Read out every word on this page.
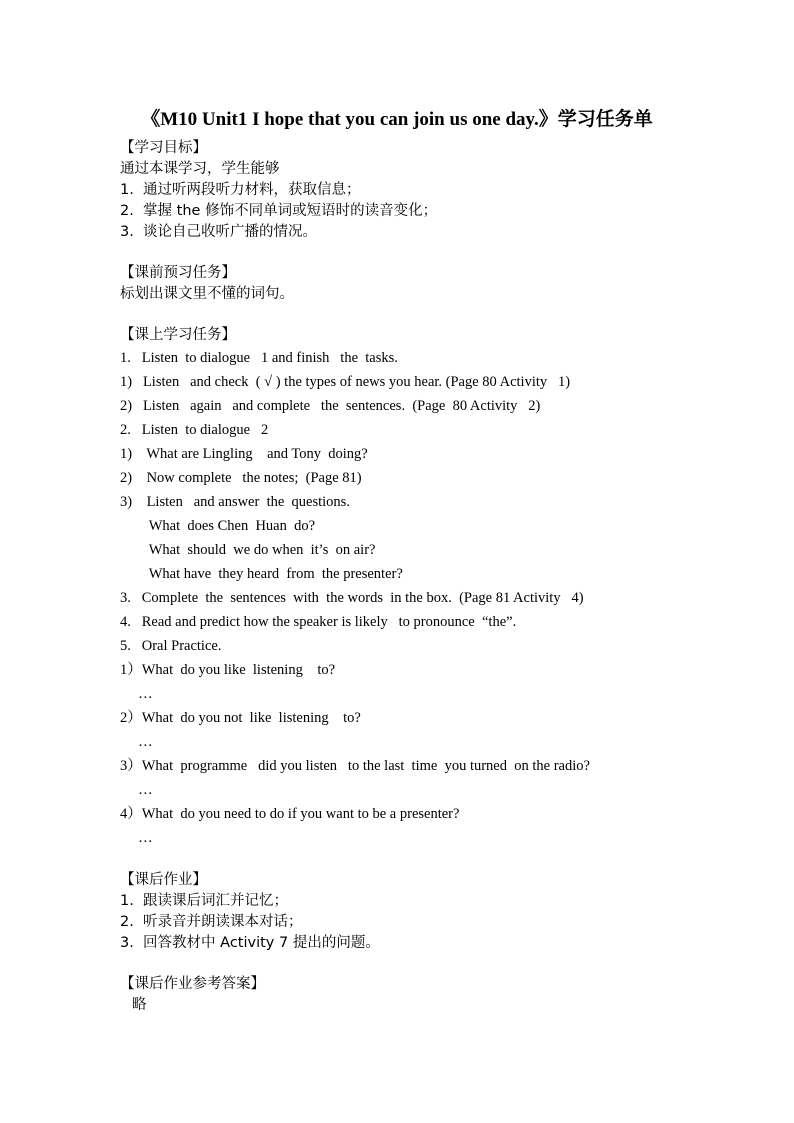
《M10 Unit1 I hope that you can join us one day.》学习任务单
【学习目标】
通过本课学习，学生能够
1.  通过听两段听力材料，获取信息；
2.  掌握 the 修饰不同单词或短语时的读音变化；
3.  谈论自己收听广播的情况。
【课前预习任务】
标划出课文里不懂的词句。
【课上学习任务】
1.   Listen  to dialogue   1 and finish   the  tasks.
1)   Listen   and check  ( √ ) the types of news you hear. (Page 80 Activity   1)
2)   Listen   again   and complete   the  sentences.  (Page  80 Activity   2)
2.   Listen  to dialogue   2
1)    What are Lingling    and Tony  doing?
2)    Now complete   the notes;  (Page 81)
3)    Listen   and answer  the  questions.
What  does Chen  Huan  do?
What  should  we do when  it’s  on air?
What have  they heard  from  the presenter?
3.   Complete  the  sentences  with  the words  in the box.  (Page 81 Activity   4)
4.   Read and predict how the speaker is likely   to pronounce  “the”.
5.   Oral Practice.
1）What  do you like  listening    to?
…
2）What  do you not  like  listening    to?
…
3）What  programme   did you listen   to the last  time  you turned  on the radio?
…
4）What  do you need to do if you want to be a presenter?
…
【课后作业】
1.  跟读课后词汇并记忆；
2.  听录音并朗读课本对话；
3.  回答教材中 Activity 7 提出的问题。
【课后作业参考答案】
略
